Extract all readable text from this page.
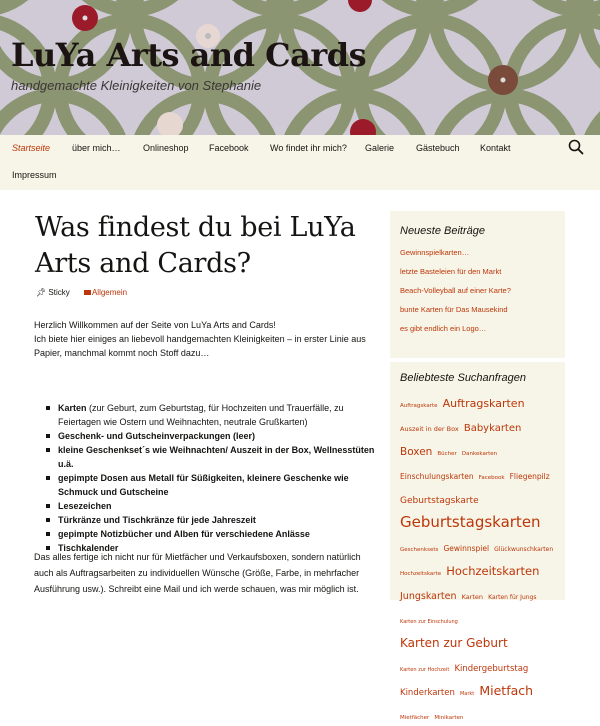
LuYa Arts and Cards
handgemachte Kleinigkeiten von Stephanie
Startseite über mich… Onlineshop Facebook Wo findet ihr mich? Galerie Gästebuch Kontakt
Impressum
Was findest du bei LuYa Arts and Cards?
📌︎ Sticky	Allgemein

Herzlich Willkommen auf der Seite von LuYa Arts and Cards!

Ich biete hier einiges an liebevoll handgemachten Kleinigkeiten – in erster Linie aus Papier, manchmal kommt noch Stoff dazu…

Karten (zur Geburt, zum Geburtstag, für Hochzeiten und Trauerfälle, zu Feiertagen wie Ostern und Weihnachten, neutrale Grußkarten)
Geschenk- und Gutscheinverpackungen (leer)
kleine Geschenkset´s wie Weihnachten/ Auszeit in der Box, Wellnesstüten u.ä.
gepimpte Dosen aus Metall für Süßigkeiten, kleinere Geschenke wie Schmuck und Gutscheine
Lesezeichen
Türkränze und Tischkränze für jede Jahreszeit
gepimpte Notizbücher und Alben für verschiedene Anlässe
Tischkalender

Das alles fertige ich nicht nur für Mietfächer und Verkaufsboxen, sondern natürlich auch als Auftragsarbeiten zu individuellen Wünsche (Größe, Farbe, in mehrfacher Ausführung usw.). Schreibt eine Mail und ich werde schauen, was mir möglich ist.

Neueste Beiträge
Gewinnspielkarten…
letzte Basteleien für den Markt
Beach-Volleyball auf einer Karte?
bunte Karten für Das Mausekind
es gibt endlich ein Logo…
Beliebteste Suchanfragen
Auftragskarte Auftragskarten Auszeit in der Box Babykarten Boxen Bücher Dankekarten Einschulungskarten Facebook Fliegenpilz Geburtstagskarte Geburtstagskarten Geschenksets Gewinnspiel Glückwunschkarten Hochzeitskarte Hochzeitskarten Jungskarten Karten Karten für Jungs Karten zur Einschulung Karten zur Geburt Karten zur Hochzeit Kindergeburtstag Kinderkarten Markt Mietfach Mietfächer Minikarten
